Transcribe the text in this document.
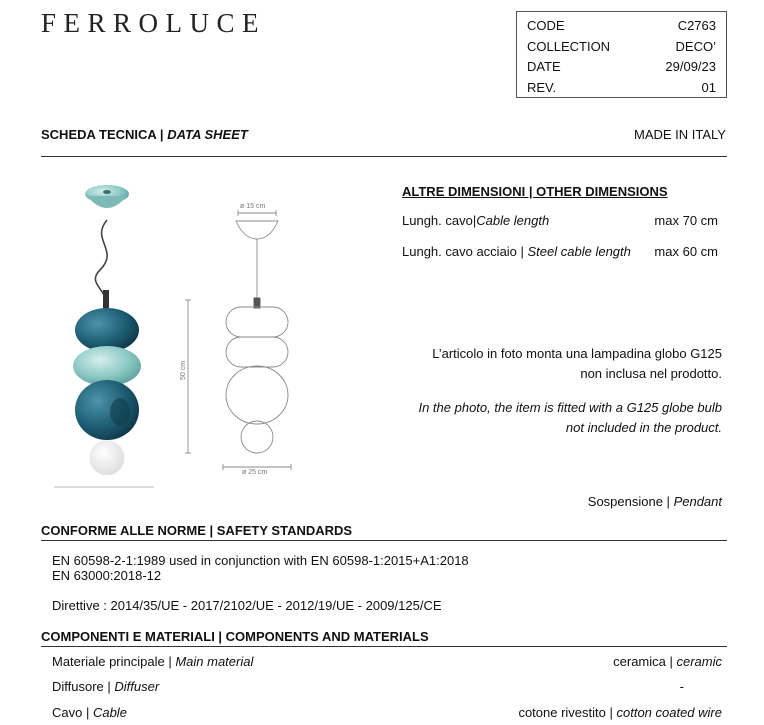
FERROLUCE	CODE	C2763
COLLECTION	DECO’
DATE	29/09/23
REV.	01
SCHEDA TECNICA | DATA SHEET	MADE IN ITALY
ø 15 cm
50 cm
ø 25 cm
ALTRE DIMENSIONI | OTHER DIMENSIONS
Lungh. cavo|Cable length	max 70 cm
Lungh. cavo acciaio | Steel cable length max 60 cm
L’articolo in foto monta una lampadina globo G125
non inclusa nel prodotto.
In the photo, the item is fitted with a G125 globe bulb
not included in the product.
Sospensione | Pendant
CONFORME ALLE NORME | SAFETY STANDARDS
EN 60598-2-1:1989 used in conjunction with EN 60598-1:2015+A1:2018
EN 63000:2018-12
Direttive : 2014/35/UE - 2017/2102/UE - 2012/19/UE - 2009/125/CE
COMPONENTI E MATERIALI | COMPONENTS AND MATERIALS
Materiale principale | Main material	ceramica | ceramic
Diffusore | Diffuser	-
Cavo | Cable	cotone rivestito | cotton coated wire
